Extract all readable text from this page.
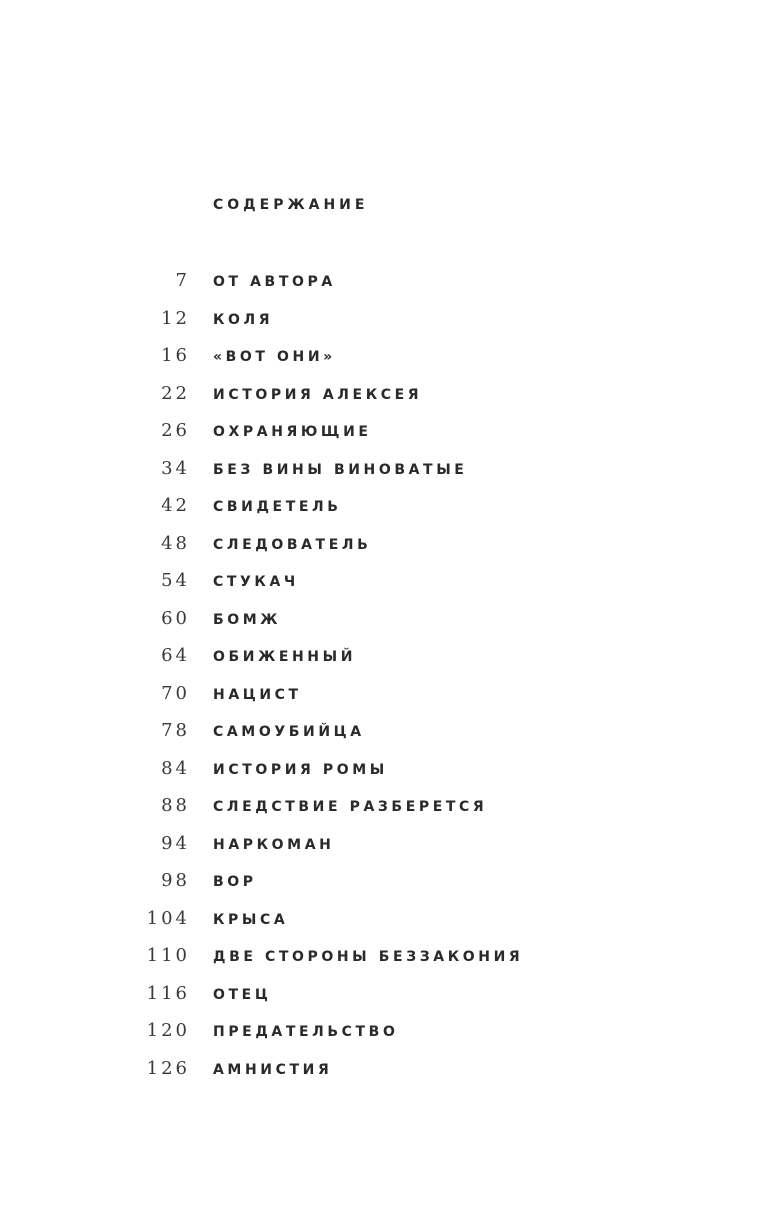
СОДЕРЖАНИЕ
7 ОТ АВТОРА
12 КОЛЯ
16 «ВОТ ОНИ»
22 ИСТОРИЯ АЛЕКСЕЯ
26 ОХРАНЯЮЩИЕ
34 БЕЗ ВИНЫ ВИНОВАТЫЕ
42 СВИДЕТЕЛЬ
48 СЛЕДОВАТЕЛЬ
54 СТУКАЧ
60 БОМЖ
64 ОБИЖЕННЫЙ
70 НАЦИСТ
78 САМОУБИЙЦА
84 ИСТОРИЯ РОМЫ
88 СЛЕДСТВИЕ РАЗБЕРЕТСЯ
94 НАРКОМАН
98 ВОР
104 КРЫСА
110 ДВЕ СТОРОНЫ БЕЗЗАКОНИЯ
116 ОТЕЦ
120 ПРЕДАТЕЛЬСТВО
126 АМНИСТИЯ
